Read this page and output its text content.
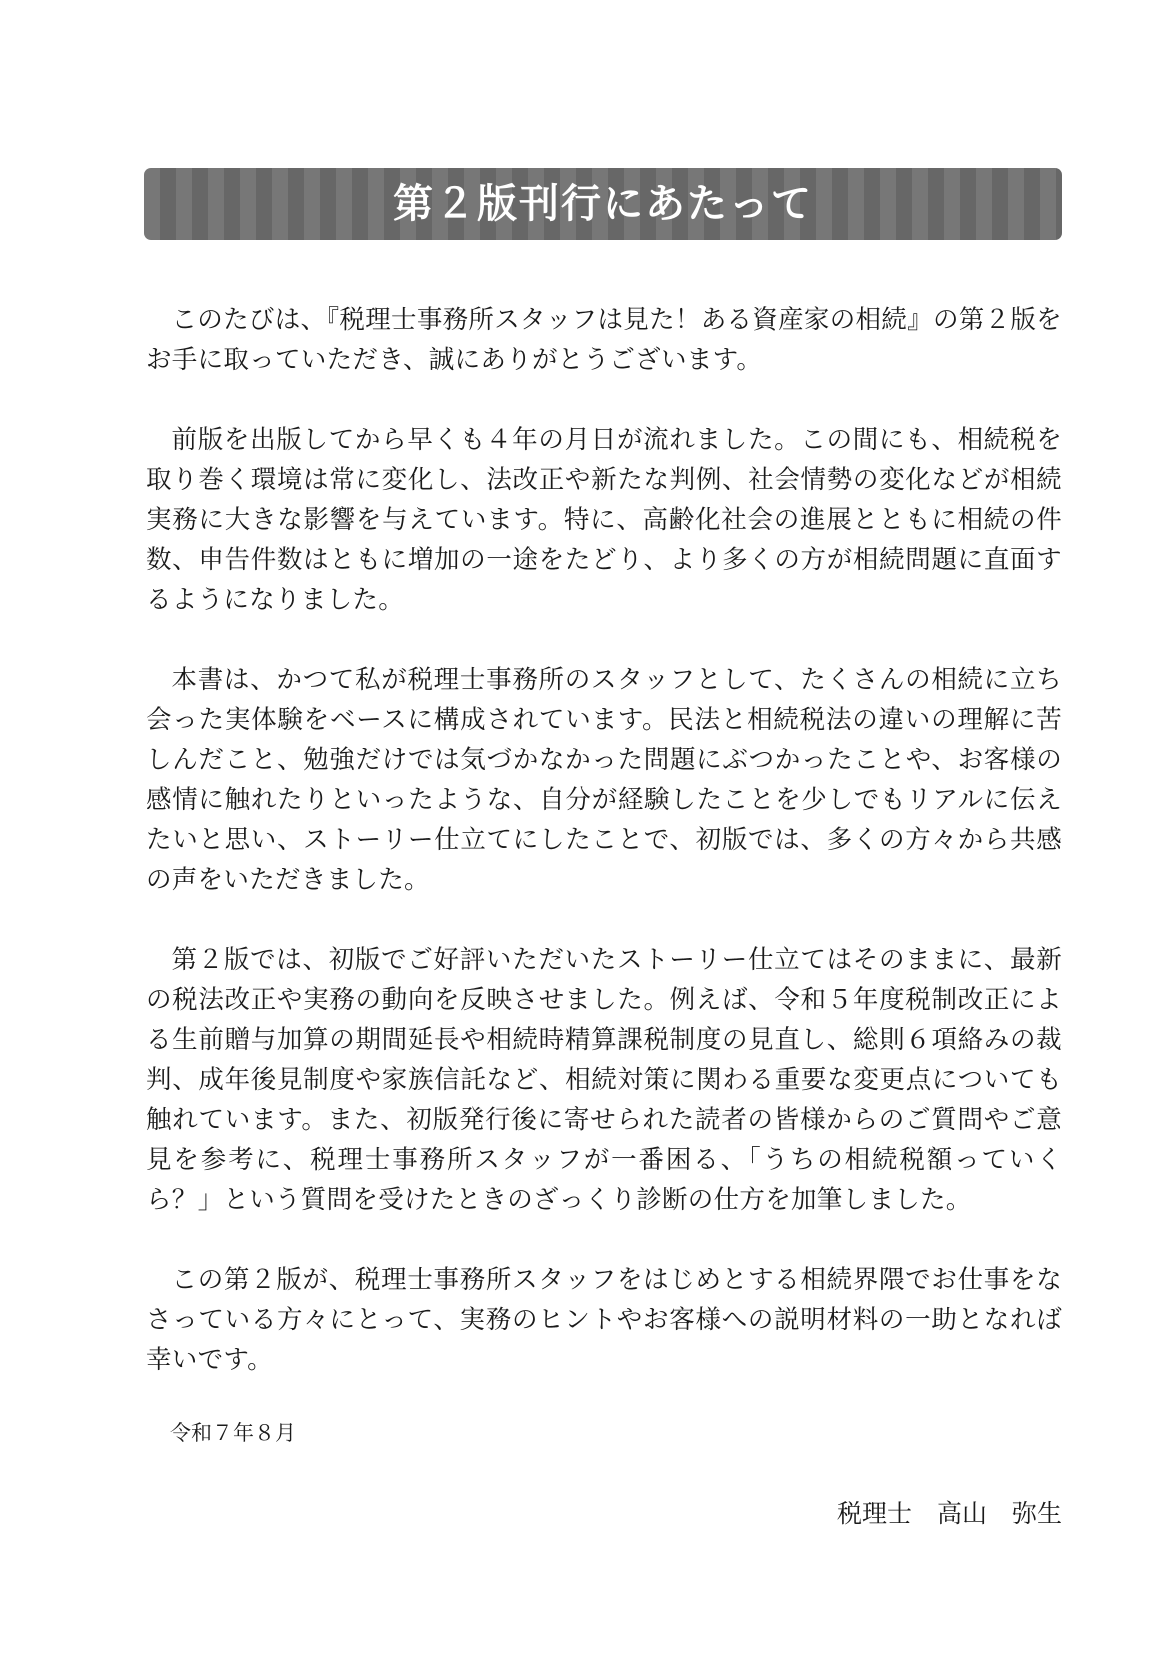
第２版刊行にあたって

このたびは、『税理士事務所スタッフは見た！ある資産家の相続』の第２版をお手に取っていただき、誠にありがとうございます。

前版を出版してから早くも４年の月日が流れました。この間にも、相続税を取り巻く環境は常に変化し、法改正や新たな判例、社会情勢の変化などが相続実務に大きな影響を与えています。特に、高齢化社会の進展とともに相続の件数、申告件数はともに増加の一途をたどり、より多くの方が相続問題に直面するようになりました。

本書は、かつて私が税理士事務所のスタッフとして、たくさんの相続に立ち会った実体験をベースに構成されています。民法と相続税法の違いの理解に苦しんだこと、勉強だけでは気づかなかった問題にぶつかったことや、お客様の感情に触れたりといったような、自分が経験したことを少しでもリアルに伝えたいと思い、ストーリー仕立てにしたことで、初版では、多くの方々から共感の声をいただきました。

第２版では、初版でご好評いただいたストーリー仕立てはそのままに、最新の税法改正や実務の動向を反映させました。例えば、令和５年度税制改正による生前贈与加算の期間延長や相続時精算課税制度の見直し、総則６項絡みの裁判、成年後見制度や家族信託など、相続対策に関わる重要な変更点についても触れています。また、初版発行後に寄せられた読者の皆様からのご質問やご意見を参考に、税理士事務所スタッフが一番困る、「うちの相続税額っていくら？」という質問を受けたときのざっくり診断の仕方を加筆しました。

この第２版が、税理士事務所スタッフをはじめとする相続界隈でお仕事をなさっている方々にとって、実務のヒントやお客様への説明材料の一助となれば幸いです。

令和７年８月
税理士　高山　弥生
